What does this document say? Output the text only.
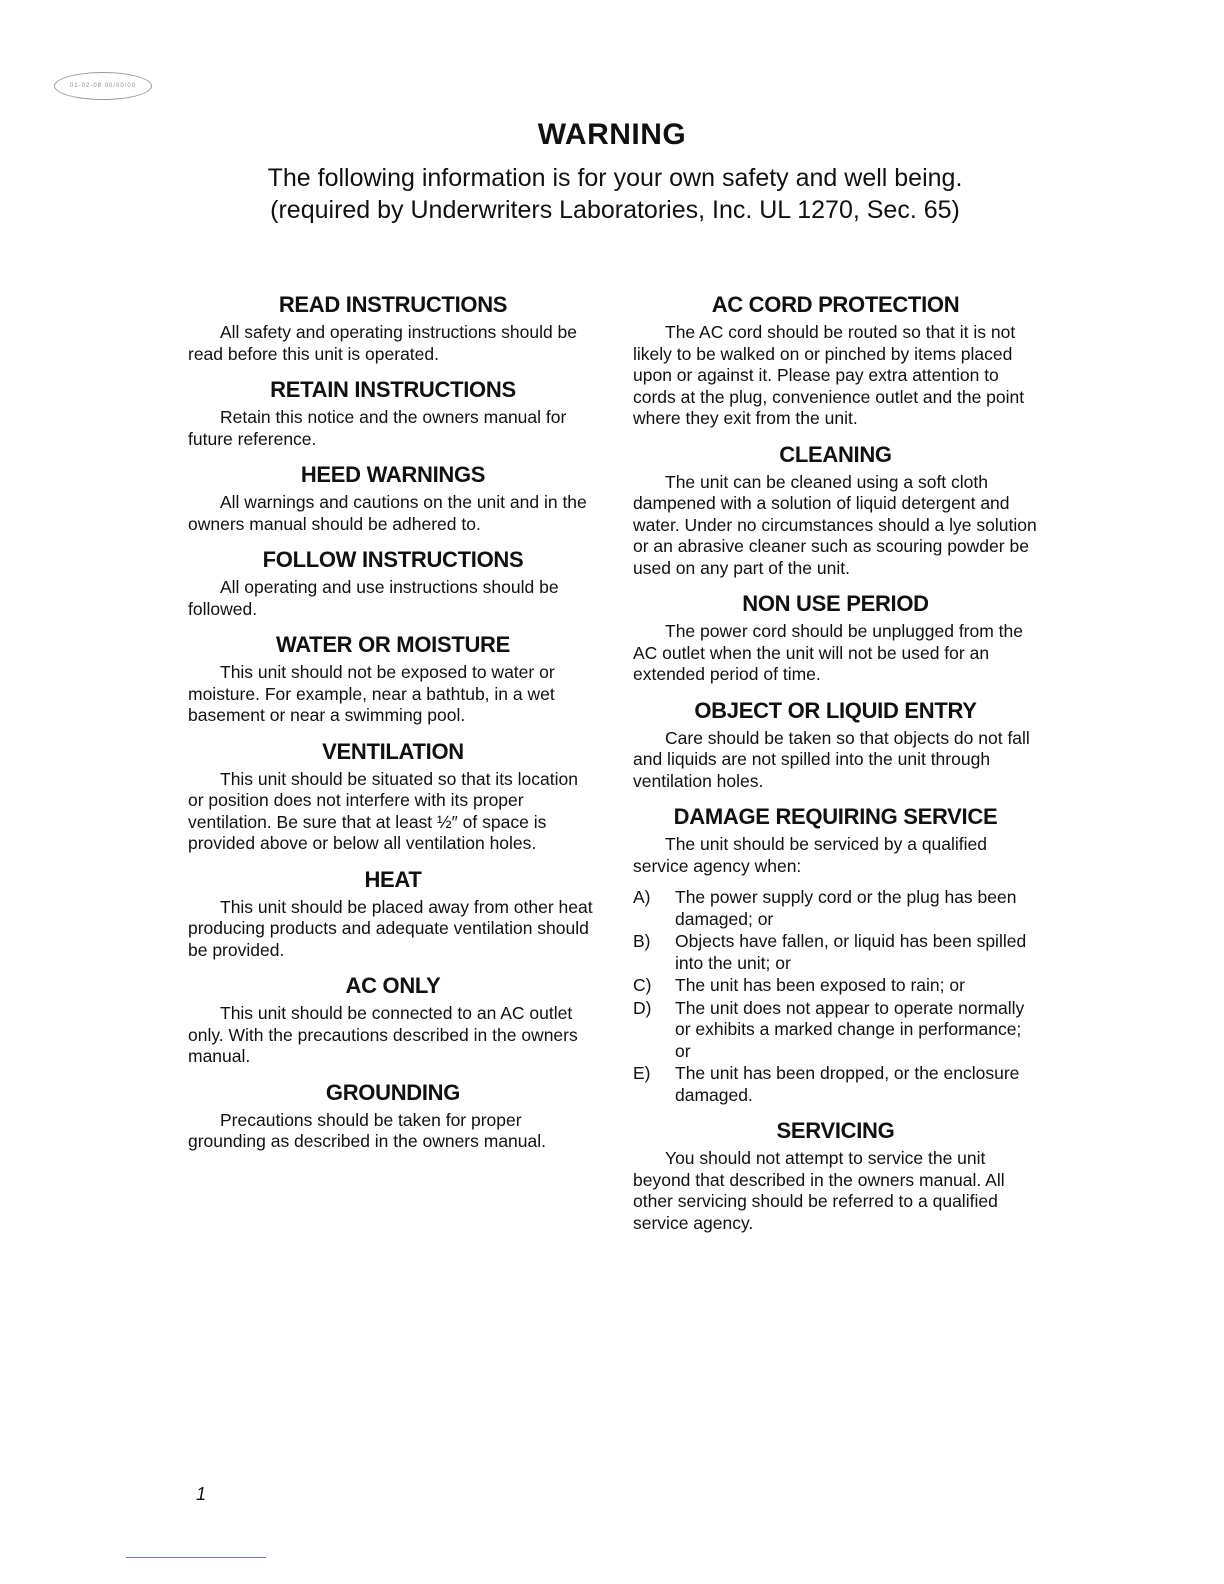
01-02-08 00/00/00
WARNING
The following information is for your own safety and well being.
(required by Underwriters Laboratories, Inc. UL 1270, Sec. 65)
READ INSTRUCTIONS

All safety and operating instructions should be read before this unit is operated.

RETAIN INSTRUCTIONS

Retain this notice and the owners manual for future reference.

HEED WARNINGS

All warnings and cautions on the unit and in the owners manual should be adhered to.

FOLLOW INSTRUCTIONS

All operating and use instructions should be followed.

WATER OR MOISTURE

This unit should not be exposed to water or moisture. For example, near a bathtub, in a wet basement or near a swimming pool.

VENTILATION

This unit should be situated so that its location or position does not interfere with its proper ventilation. Be sure that at least ½″ of space is provided above or below all ventilation holes.

HEAT

This unit should be placed away from other heat producing products and adequate ventilation should be provided.

AC ONLY

This unit should be connected to an AC outlet only. With the precautions described in the owners manual.

GROUNDING

Precautions should be taken for proper grounding as described in the owners manual.

AC CORD PROTECTION

The AC cord should be routed so that it is not likely to be walked on or pinched by items placed upon or against it. Please pay extra attention to cords at the plug, convenience outlet and the point where they exit from the unit.

CLEANING

The unit can be cleaned using a soft cloth dampened with a solution of liquid detergent and water. Under no circumstances should a lye solution or an abrasive cleaner such as scouring powder be used on any part of the unit.

NON USE PERIOD

The power cord should be unplugged from the AC outlet when the unit will not be used for an extended period of time.

OBJECT OR LIQUID ENTRY

Care should be taken so that objects do not fall and liquids are not spilled into the unit through ventilation holes.

DAMAGE REQUIRING SERVICE

The unit should be serviced by a qualified service agency when:

A)	The power supply cord or the plug has been damaged; or
B)	Objects have fallen, or liquid has been spilled into the unit; or
C)	The unit has been exposed to rain; or
D)	The unit does not appear to operate normally or exhibits a marked change in performance; or
E)	The unit has been dropped, or the enclosure damaged.
SERVICING

You should not attempt to service the unit beyond that described in the owners manual. All other servicing should be referred to a qualified service agency.

1
